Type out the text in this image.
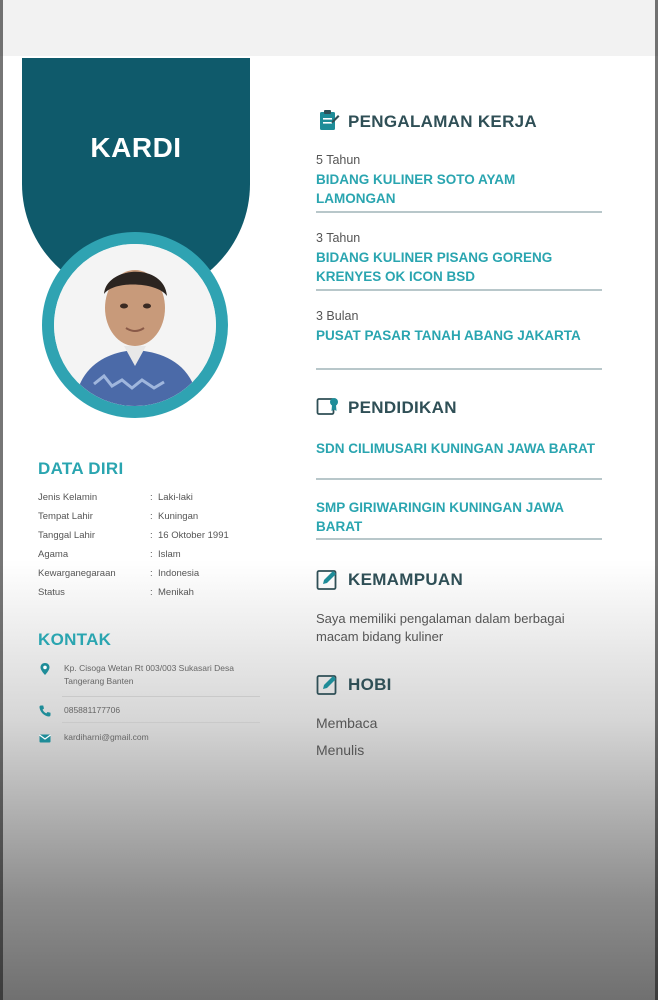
KARDI
DATA DIRI
Jenis Kelamin	: Laki-laki
Tempat Lahir	: Kuningan
Tanggal Lahir	: 16 Oktober 1991
Agama	: Islam
Kewarganegaraan	: Indonesia
Status	: Menikah
KONTAK
Kp. Cisoga Wetan Rt 003/003 Sukasari Desa Tangerang Banten
085881177706
kardiharni@gmail.com
PENGALAMAN KERJA
5 Tahun
BIDANG KULINER SOTO AYAM LAMONGAN
3 Tahun
BIDANG KULINER PISANG GORENG KRENYES OK ICON BSD
3 Bulan
PUSAT PASAR TANAH ABANG JAKARTA
PENDIDIKAN
SDN CILIMUSARI KUNINGAN JAWA BARAT
SMP GIRIWARINGIN KUNINGAN JAWA BARAT
KEMAMPUAN
Saya memiliki pengalaman dalam berbagai macam bidang kuliner
HOBI
Membaca
Menulis
